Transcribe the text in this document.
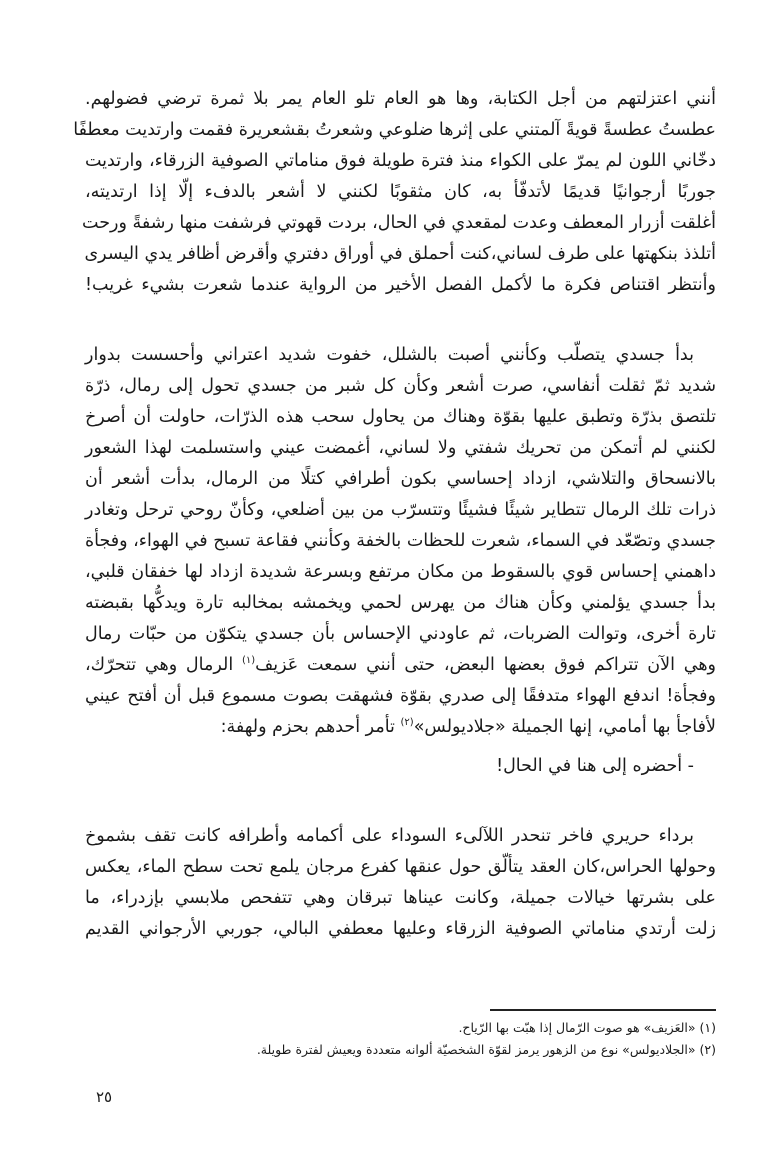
أنني اعتزلتهم من أجل الكتابة، وها هو العام تلو العام يمر بلا ثمرة ترضي فضولهم.
عطستُ عطسةً قويةً آلمتني على إثرها ضلوعي وشعرتُ بقشعريرة فقمت وارتديت معطفًا
دخّاني اللون لم يمرّ على الكواء منذ فترة طويلة فوق مناماتي الصوفية الزرقاء، وارتديت
جوربًا أرجوانيًا قديمًا لأتدفّأ به، كان مثقوبًا لكنني لا أشعر بالدفء إلّا إذا ارتديته،
أغلقت أزرار المعطف وعدت لمقعدي في الحال، بردت قهوتي فرشفت منها رشفةً ورحت
أتلذذ بنكهتها على طرف لساني،كنت أحملق في أوراق دفتري وأقرض أظافر يدي اليسرى
وأنتظر اقتناص فكرة ما لأكمل الفصل الأخير من الرواية عندما شعرت بشيء غريب!
بدأ جسدي يتصلّب وكأنني أصبت بالشلل، خفوت شديد اعتراني وأحسست بدوار
شديد ثمّ ثقلت أنفاسي، صرت أشعر وكأن كل شبر من جسدي تحول إلى رمال، ذرّة
تلتصق بذرّة وتطبق عليها بقوّة وهناك من يحاول سحب هذه الذرّات، حاولت أن أصرخ
لكنني لم أتمكن من تحريك شفتي ولا لساني، أغمضت عيني واستسلمت لهذا الشعور
بالانسحاق والتلاشي، ازداد إحساسي بكون أطرافي كتلًا من الرمال، بدأت أشعر أن
ذرات تلك الرمال تتطاير شيئًا فشيئًا وتتسرّب من بين أضلعي، وكأنّ روحي ترحل وتغادر
جسدي وتصّعّد في السماء، شعرت للحظات بالخفة وكأنني فقاعة تسبح في الهواء، وفجأة
داهمني إحساس قوي بالسقوط من مكان مرتفع وبسرعة شديدة ازداد لها خفقان قلبي،
بدأ جسدي يؤلمني وكأن هناك من يهرس لحمي ويخمشه بمخالبه تارة ويدكُّها بقبضته
تارة أخرى، وتوالت الضربات، ثم عاودني الإحساس بأن جسدي يتكوّن من حبّات رمال
وهي الآن تتراكم فوق بعضها البعض، حتى أنني سمعت عَزيف$^{(١)}$ الرمال وهي تتحرّك،
وفجأة! اندفع الهواء متدفقًا إلى صدري بقوّة فشهقت بصوت مسموع قبل أن أفتح عيني
لأفاجأ بها أمامي، إنها الجميلة «جلاديولس»$^{(٢)}$ تأمر أحدهم بحزم ولهفة:
- أحضره إلى هنا في الحال!
برداء حريري فاخر تنحدر اللآلىء السوداء على أكمامه وأطرافه كانت تقف بشموخ
وحولها الحراس،كان العقد يتألّق حول عنقها كفرع مرجان يلمع تحت سطح الماء، يعكس
على بشرتها خيالات جميلة، وكانت عيناها تبرقان وهي تتفحص ملابسي بإزدراء، ما
زلت أرتدي مناماتي الصوفية الزرقاء وعليها معطفي البالي، جوربي الأرجواني القديم
(١) «العَزيف» هو صوت الرّمال إذا هبّت بها الرّياح.
(٢) «الجلاديولس» نوع من الزهور يرمز لقوّة الشخصيّة ألوانه متعددة ويعيش لفترة طويلة.
٢٥
